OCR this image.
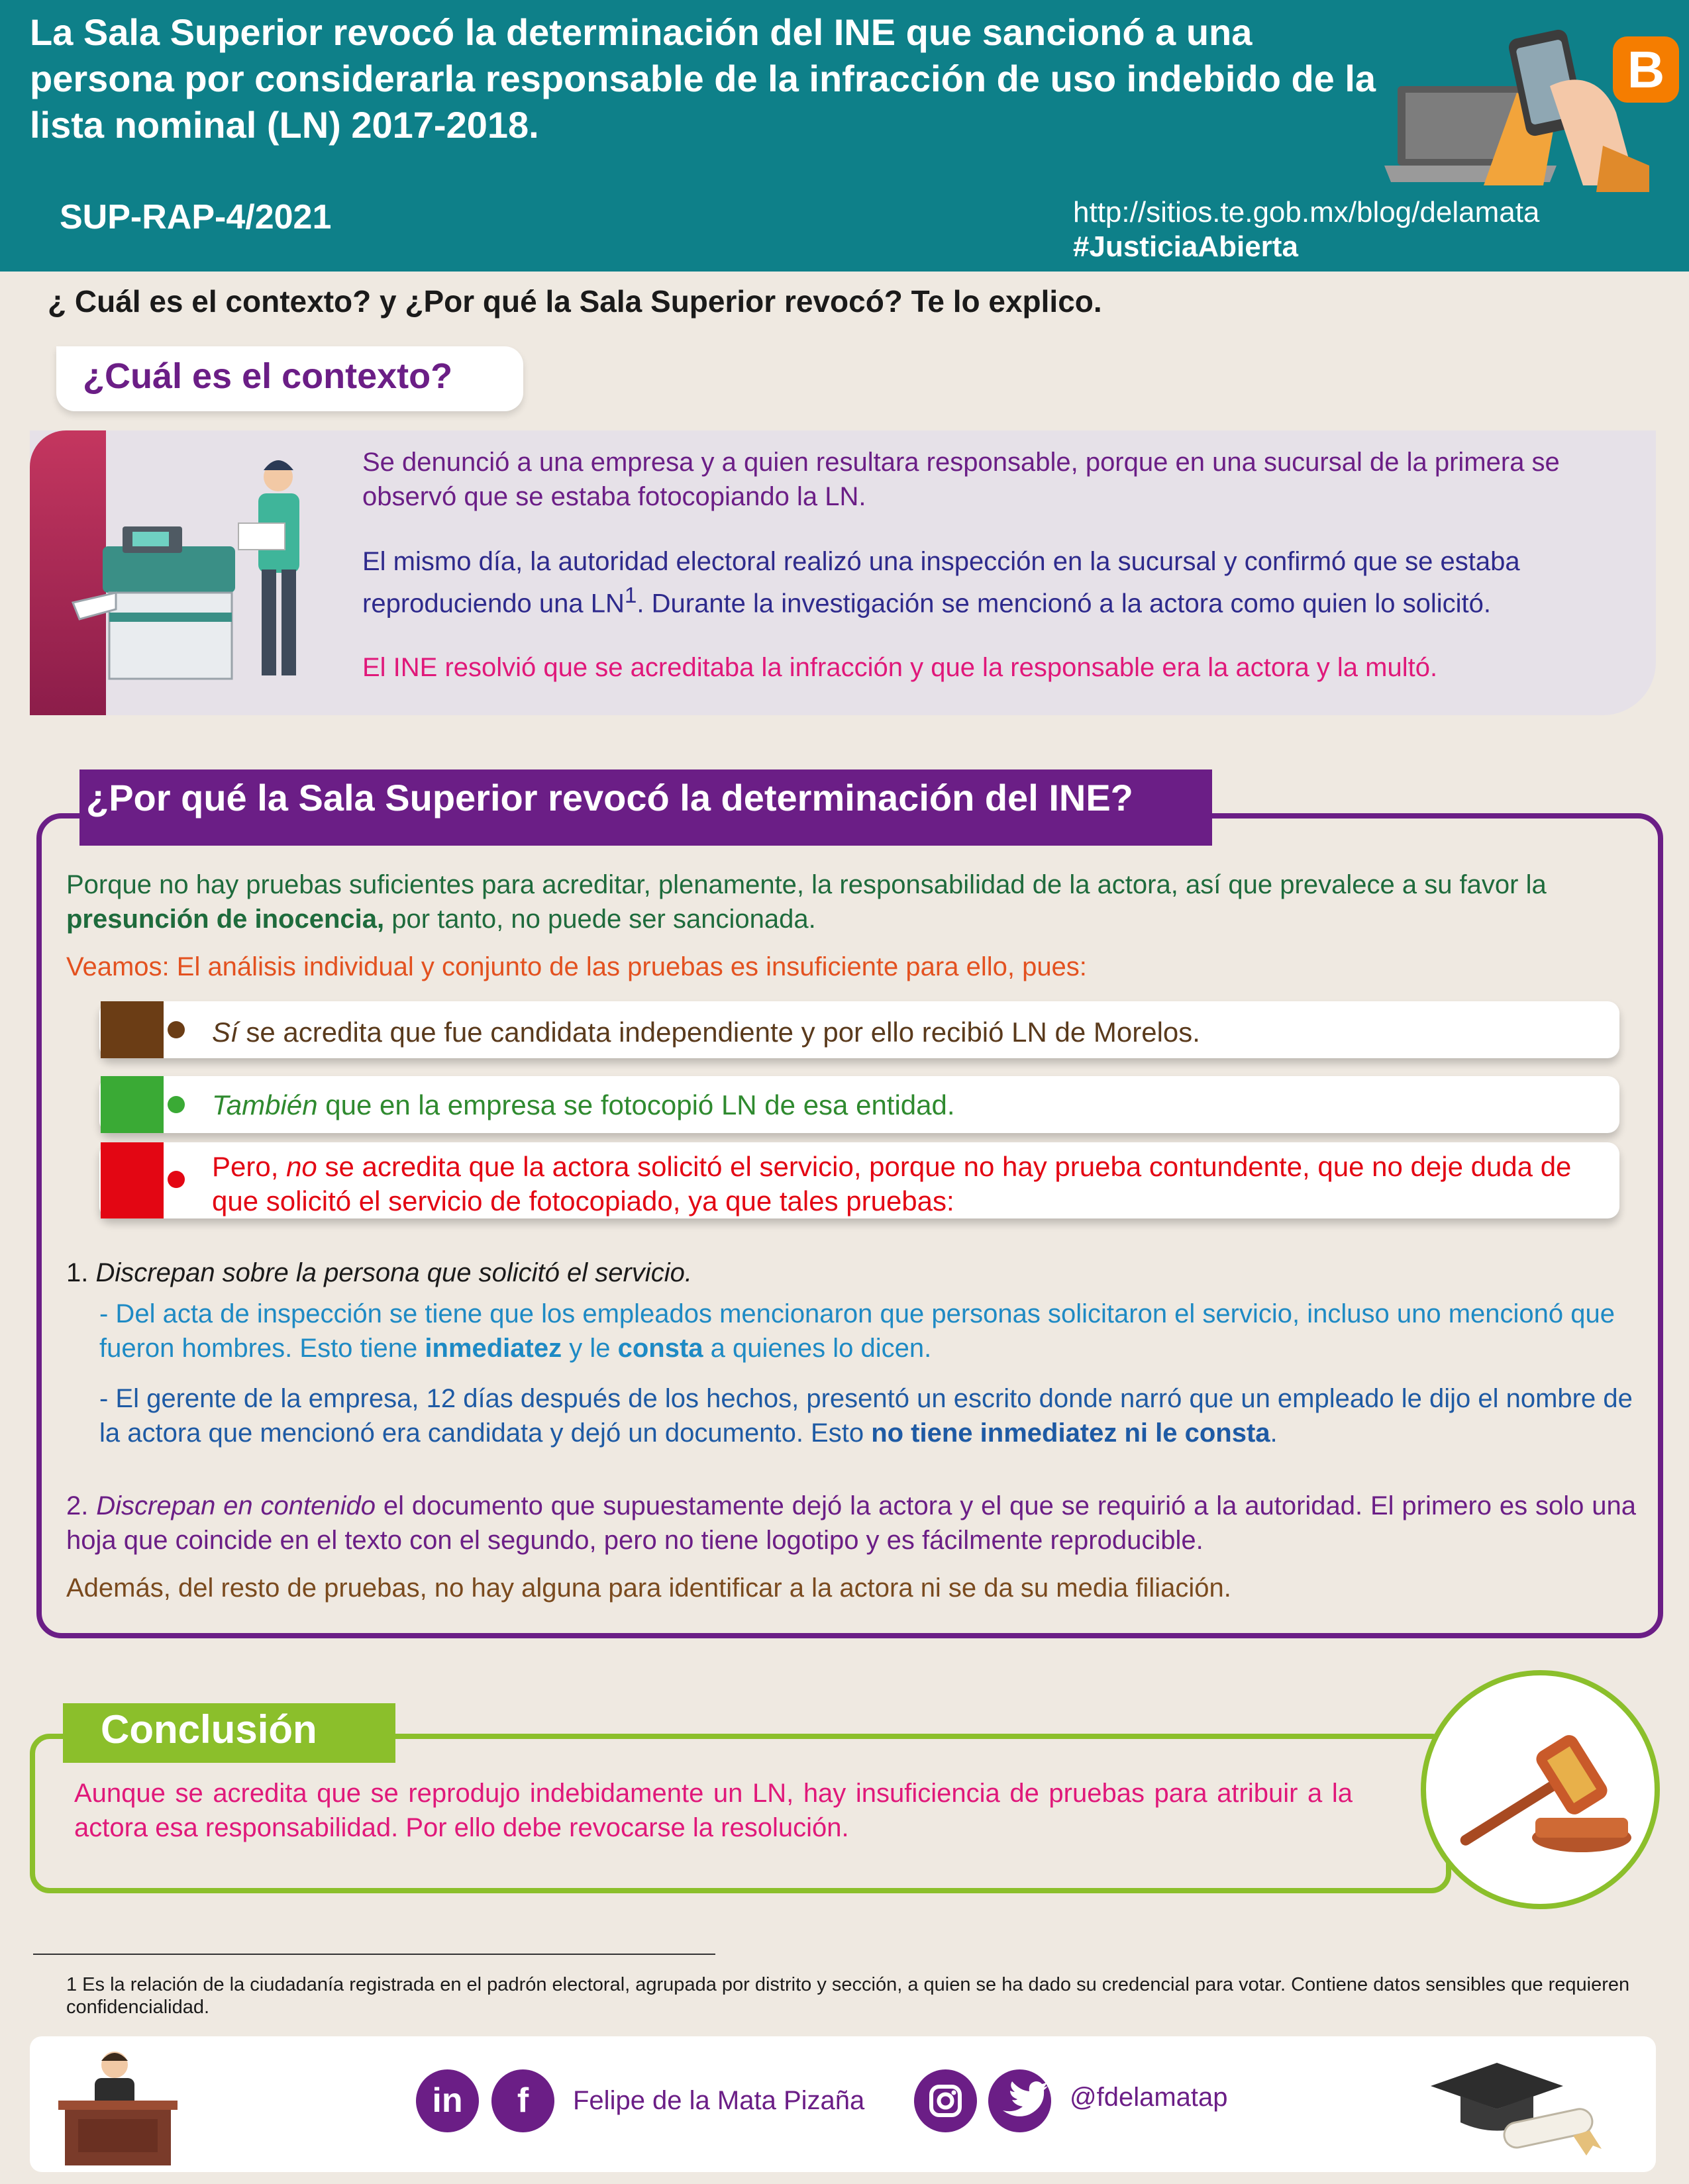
La Sala Superior revocó la determinación del INE que sancionó a una persona por considerarla responsable de la infracción de uso indebido de la lista nominal (LN) 2017-2018.
SUP-RAP-4/2021	http://sitios.te.gob.mx/blog/delamata
#JusticiaAbierta
B
¿ Cuál es el contexto? y ¿Por qué la Sala Superior revocó? Te lo explico.
¿Cuál es el contexto?
Se denunció a una empresa y a quien resultara responsable, porque en una sucursal de la primera se observó que se estaba fotocopiando la LN.
El mismo día, la autoridad electoral realizó una inspección en la sucursal y confirmó que se estaba reproduciendo una $LN^1$. Durante la investigación se mencionó a la actora como quien lo solicitó.
El INE resolvió que se acreditaba la infracción y que la responsable era la actora y la multó.
¿Por qué la Sala Superior revocó la determinación del INE?
Porque no hay pruebas suficientes para acreditar, plenamente, la responsabilidad de la actora, así que prevalece a su favor la presunción de inocencia, por tanto, no puede ser sancionada.
Veamos: El análisis individual y conjunto de las pruebas es insuficiente para ello, pues:
Sí se acredita que fue candidata independiente y por ello recibió LN de Morelos.
También que en la empresa se fotocopió LN de esa entidad.
Pero, no se acredita que la actora solicitó el servicio, porque no hay prueba contundente, que no deje duda de que solicitó el servicio de fotocopiado, ya que tales pruebas:
1. Discrepan sobre la persona que solicitó el servicio.
- Del acta de inspección se tiene que los empleados mencionaron que personas solicitaron el servicio, incluso uno mencionó que fueron hombres. Esto tiene inmediatez y le consta a quienes lo dicen.
- El gerente de la empresa, 12 días después de los hechos, presentó un escrito donde narró que un empleado le dijo el nombre de la actora que mencionó era candidata y dejó un documento. Esto no tiene inmediatez ni le consta.
2. Discrepan en contenido el documento que supuestamente dejó la actora y el que se requirió a la autoridad. El primero es solo una hoja que coincide en el texto con el segundo, pero no tiene logotipo y es fácilmente reproducible.
Además, del resto de pruebas, no hay alguna para identificar a la actora ni se da su media filiación.
Conclusión
Aunque se acredita que se reprodujo indebidamente un LN, hay insuficiencia de pruebas para atribuir a la actora esa responsabilidad. Por ello debe revocarse la resolución.
1 Es la relación de la ciudadanía registrada en el padrón electoral, agrupada por distrito y sección, a quien se ha dado su credencial para votar. Contiene datos sensibles que requieren confidencialidad.
in	f	Felipe de la Mata Pizaña	@fdelamatap
